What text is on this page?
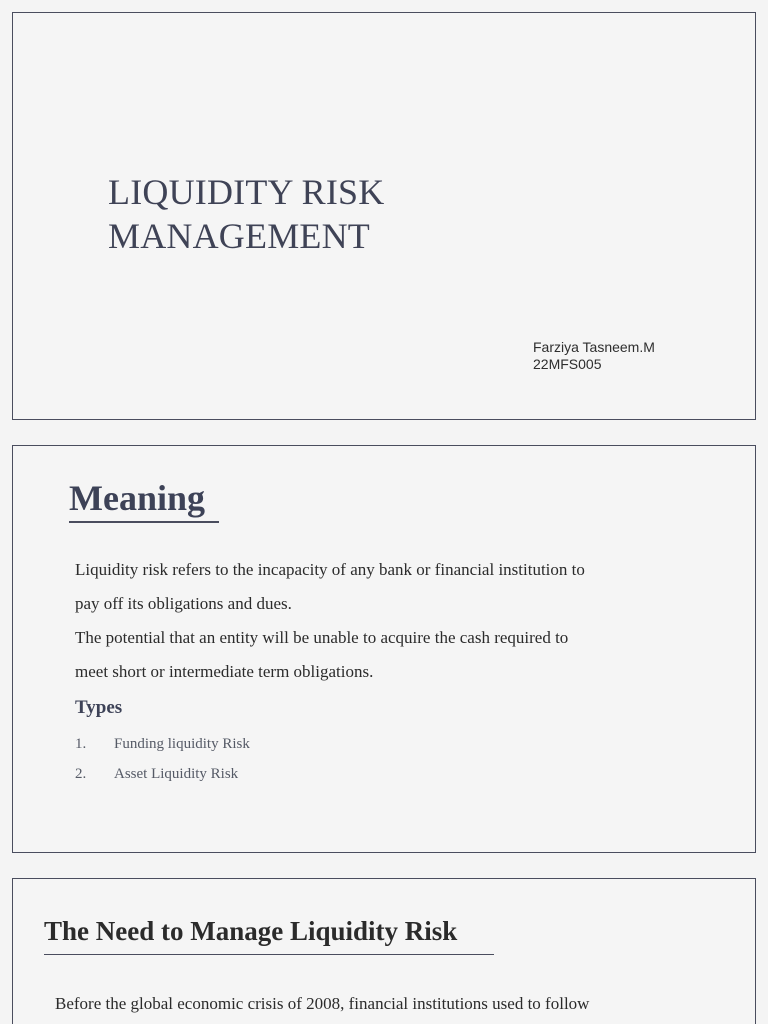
LIQUIDITY RISK
MANAGEMENT
Farziya Tasneem.M
22MFS005
Meaning

Liquidity risk refers to the incapacity of any bank or financial institution to

pay off its obligations and dues.

The potential that an entity will be unable to acquire the cash required to

meet short or intermediate term obligations.

Types
1.	Funding liquidity Risk
2.	Asset Liquidity Risk
The Need to Manage Liquidity Risk

Before the global economic crisis of 2008, financial institutions used to follow
